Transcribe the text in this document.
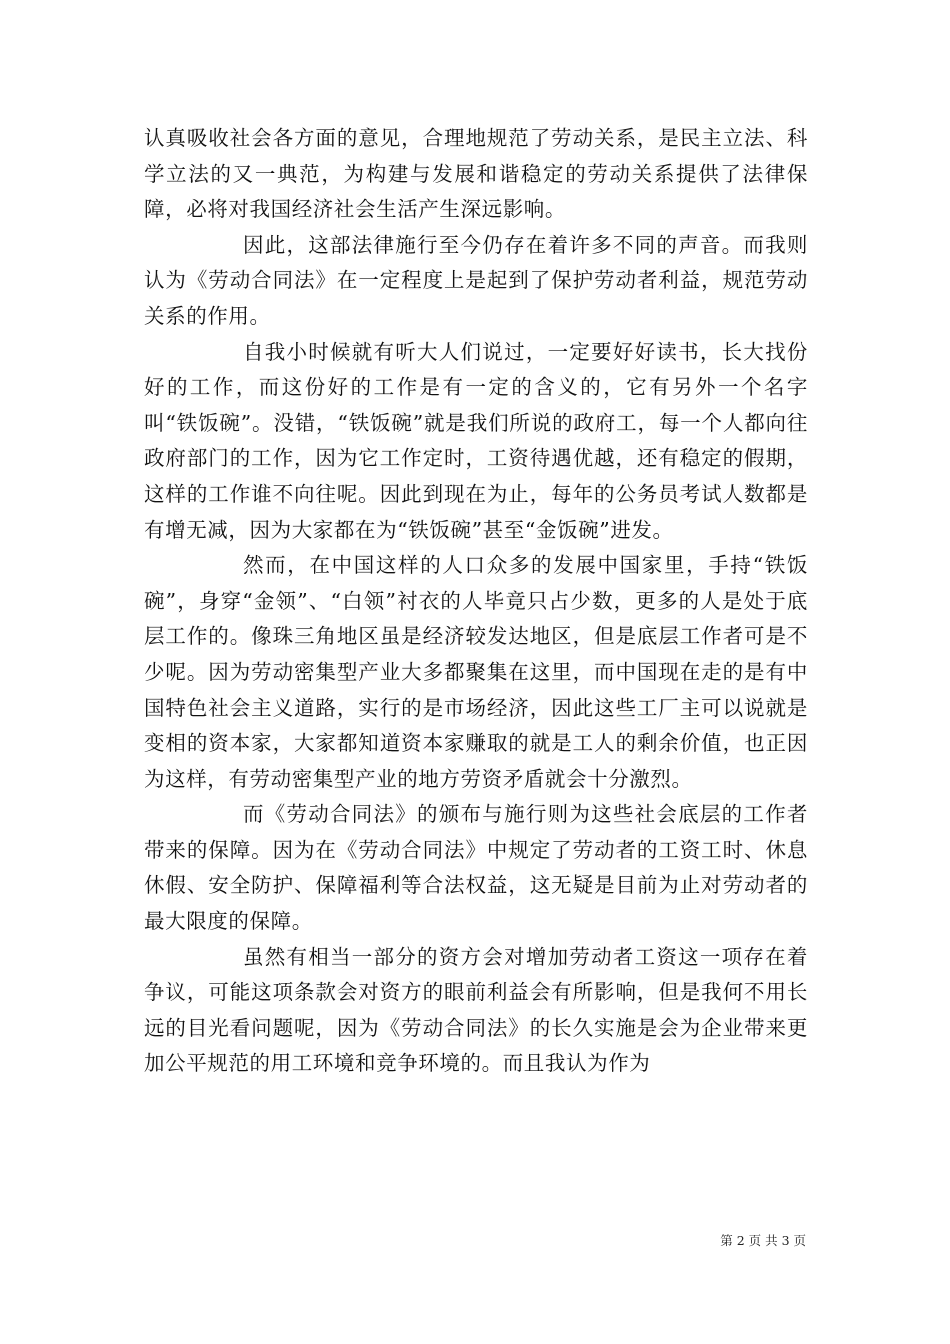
认真吸收社会各方面的意见，合理地规范了劳动关系，是民主立法、科学立法的又一典范，为构建与发展和谐稳定的劳动关系提供了法律保障，必将对我国经济社会生活产生深远影响。

因此，这部法律施行至今仍存在着许多不同的声音。而我则认为《劳动合同法》在一定程度上是起到了保护劳动者利益，规范劳动关系的作用。

自我小时候就有听大人们说过，一定要好好读书，长大找份好的工作，而这份好的工作是有一定的含义的，它有另外一个名字叫“铁饭碗”。没错，“铁饭碗”就是我们所说的政府工，每一个人都向往政府部门的工作，因为它工作定时，工资待遇优越，还有稳定的假期，这样的工作谁不向往呢。因此到现在为止，每年的公务员考试人数都是有增无减，因为大家都在为“铁饭碗”甚至“金饭碗”进发。

然而，在中国这样的人口众多的发展中国家里，手持“铁饭碗”，身穿“金领”、“白领”衬衣的人毕竟只占少数，更多的人是处于底层工作的。像珠三角地区虽是经济较发达地区，但是底层工作者可是不少呢。因为劳动密集型产业大多都聚集在这里，而中国现在走的是有中国特色社会主义道路，实行的是市场经济，因此这些工厂主可以说就是变相的资本家，大家都知道资本家赚取的就是工人的剩余价值，也正因为这样，有劳动密集型产业的地方劳资矛盾就会十分激烈。

而《劳动合同法》的颁布与施行则为这些社会底层的工作者带来的保障。因为在《劳动合同法》中规定了劳动者的工资工时、休息休假、安全防护、保障福利等合法权益，这无疑是目前为止对劳动者的最大限度的保障。

虽然有相当一部分的资方会对增加劳动者工资这一项存在着争议，可能这项条款会对资方的眼前利益会有所影响，但是我何不用长远的目光看问题呢，因为《劳动合同法》的长久实施是会为企业带来更加公平规范的用工环境和竞争环境的。而且我认为作为

第 2 页 共 3 页
